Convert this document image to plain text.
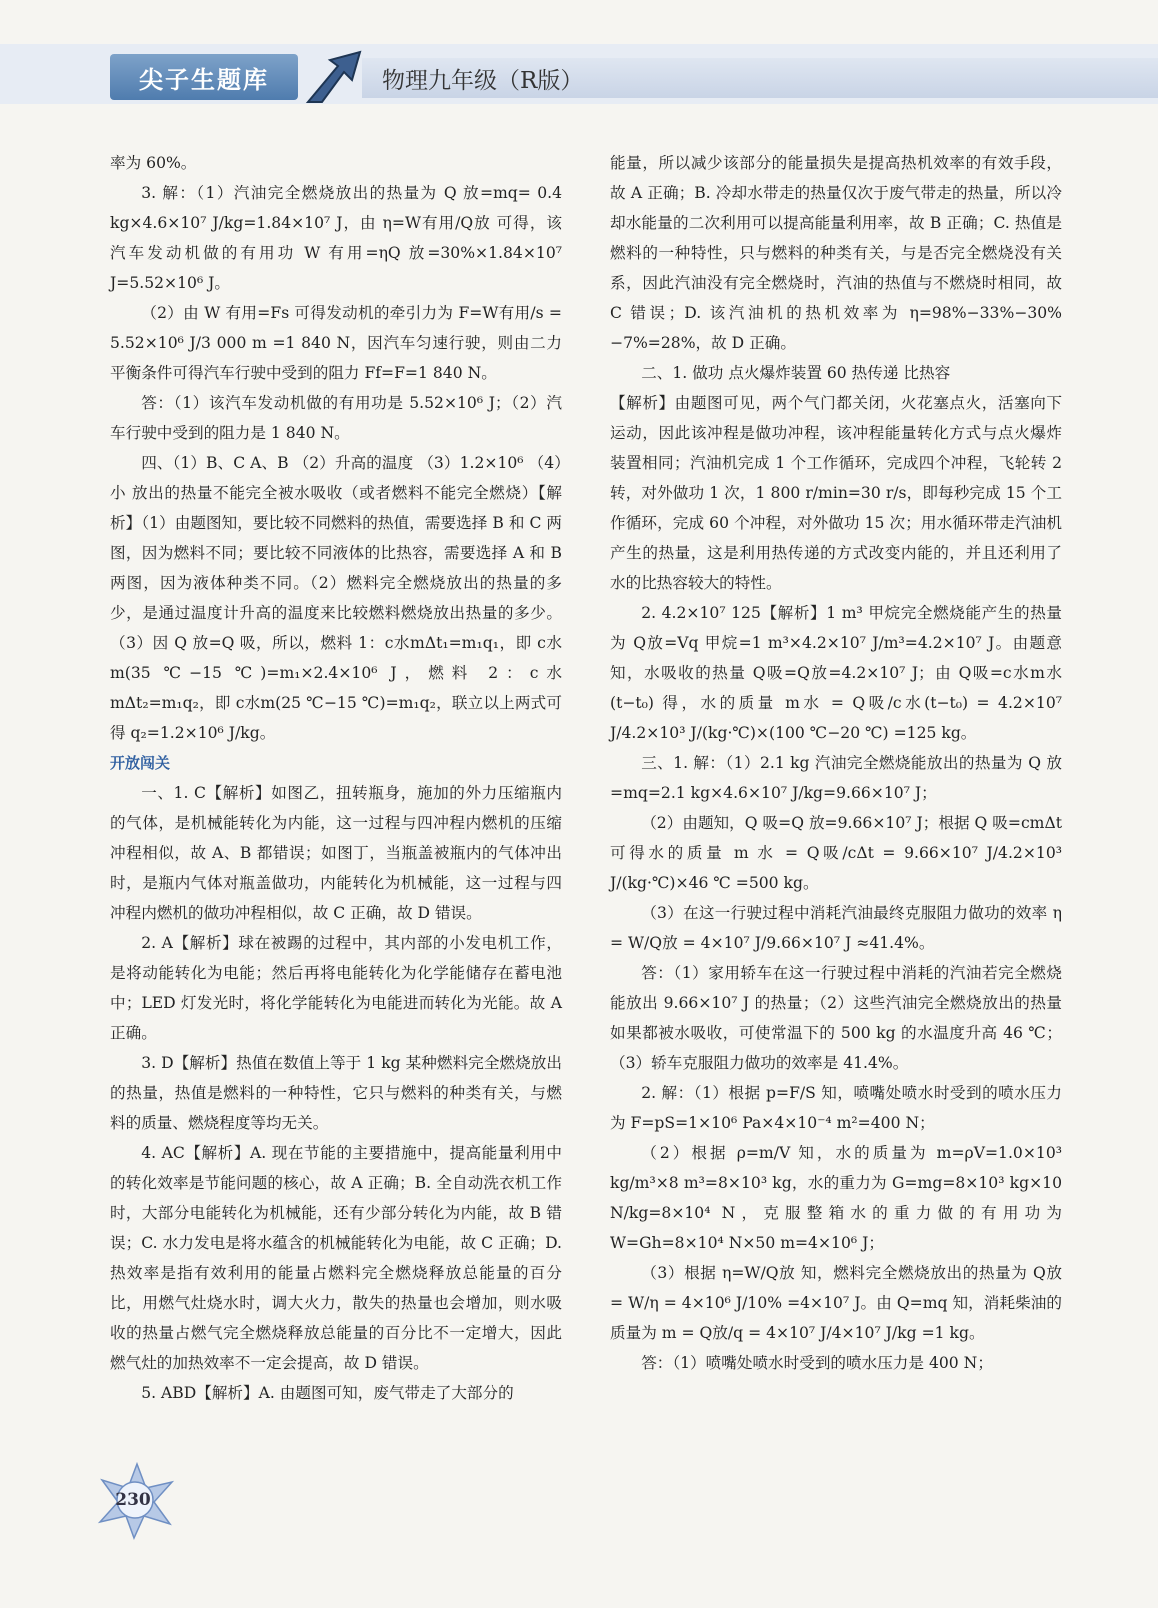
尖子生题库	物理九年级（R版）

率为 60%。

3. 解：（1）汽油完全燃烧放出的热量为 Q 放=mq= 0.4 kg×4.6×10⁷ J/kg=1.84×10⁷ J，由 η=W有用/Q放 可得，该汽车发动机做的有用功 W 有用=ηQ 放=30%×1.84×10⁷ J=5.52×10⁶ J。

（2）由 W 有用=Fs 可得发动机的牵引力为 F=W有用/s = 5.52×10⁶ J/3 000 m =1 840 N，因汽车匀速行驶，则由二力平衡条件可得汽车行驶中受到的阻力 Ff=F=1 840 N。

答：（1）该汽车发动机做的有用功是 5.52×10⁶ J；（2）汽车行驶中受到的阻力是 1 840 N。

四、（1）B、C A、B （2）升高的温度 （3）1.2×10⁶ （4）小 放出的热量不能完全被水吸收（或者燃料不能完全燃烧）【解析】（1）由题图知，要比较不同燃料的热值，需要选择 B 和 C 两图，因为燃料不同；要比较不同液体的比热容，需要选择 A 和 B 两图，因为液体种类不同。（2）燃料完全燃烧放出的热量的多少，是通过温度计升高的温度来比较燃料燃烧放出热量的多少。（3）因 Q 放=Q 吸，所以，燃料 1：c水mΔt₁=m₁q₁，即 c水m(35 ℃−15 ℃)=m₁×2.4×10⁶ J，燃料 2：c水mΔt₂=m₁q₂，即 c水m(25 ℃−15 ℃)=m₁q₂，联立以上两式可得 q₂=1.2×10⁶ J/kg。

开放闯关

一、1. C【解析】如图乙，扭转瓶身，施加的外力压缩瓶内的气体，是机械能转化为内能，这一过程与四冲程内燃机的压缩冲程相似，故 A、B 都错误；如图丁，当瓶盖被瓶内的气体冲出时，是瓶内气体对瓶盖做功，内能转化为机械能，这一过程与四冲程内燃机的做功冲程相似，故 C 正确，故 D 错误。

2. A【解析】球在被踢的过程中，其内部的小发电机工作，是将动能转化为电能；然后再将电能转化为化学能储存在蓄电池中；LED 灯发光时，将化学能转化为电能进而转化为光能。故 A 正确。

3. D【解析】热值在数值上等于 1 kg 某种燃料完全燃烧放出的热量，热值是燃料的一种特性，它只与燃料的种类有关，与燃料的质量、燃烧程度等均无关。

4. AC【解析】A. 现在节能的主要措施中，提高能量利用中的转化效率是节能问题的核心，故 A 正确；B. 全自动洗衣机工作时，大部分电能转化为机械能，还有少部分转化为内能，故 B 错误；C. 水力发电是将水蕴含的机械能转化为电能，故 C 正确；D. 热效率是指有效利用的能量占燃料完全燃烧释放总能量的百分比，用燃气灶烧水时，调大火力，散失的热量也会增加，则水吸收的热量占燃气完全燃烧释放总能量的百分比不一定增大，因此燃气灶的加热效率不一定会提高，故 D 错误。

5. ABD【解析】A. 由题图可知，废气带走了大部分的

能量，所以减少该部分的能量损失是提高热机效率的有效手段，故 A 正确；B. 冷却水带走的热量仅次于废气带走的热量，所以冷却水能量的二次利用可以提高能量利用率，故 B 正确；C. 热值是燃料的一种特性，只与燃料的种类有关，与是否完全燃烧没有关系，因此汽油没有完全燃烧时，汽油的热值与不燃烧时相同，故 C 错误；D. 该汽油机的热机效率为 η=98%−33%−30%−7%=28%，故 D 正确。

二、1. 做功 点火爆炸装置 60 热传递 比热容

【解析】由题图可见，两个气门都关闭，火花塞点火，活塞向下运动，因此该冲程是做功冲程，该冲程能量转化方式与点火爆炸装置相同；汽油机完成 1 个工作循环，完成四个冲程，飞轮转 2 转，对外做功 1 次，1 800 r/min=30 r/s，即每秒完成 15 个工作循环，完成 60 个冲程，对外做功 15 次；用水循环带走汽油机产生的热量，这是利用热传递的方式改变内能的，并且还利用了水的比热容较大的特性。

2. 4.2×10⁷ 125【解析】1 m³ 甲烷完全燃烧能产生的热量为 Q放=Vq 甲烷=1 m³×4.2×10⁷ J/m³=4.2×10⁷ J。由题意知，水吸收的热量 Q吸=Q放=4.2×10⁷ J；由 Q吸=c水m水(t−t₀) 得，水的质量 m水 = Q吸/c水(t−t₀) = 4.2×10⁷ J/4.2×10³ J/(kg·℃)×(100 ℃−20 ℃) =125 kg。

三、1. 解：（1）2.1 kg 汽油完全燃烧能放出的热量为 Q 放=mq=2.1 kg×4.6×10⁷ J/kg=9.66×10⁷ J；

（2）由题知，Q 吸=Q 放=9.66×10⁷ J；根据 Q 吸=cmΔt 可得水的质量 m 水 = Q吸/cΔt = 9.66×10⁷ J/4.2×10³ J/(kg·℃)×46 ℃ =500 kg。

（3）在这一行驶过程中消耗汽油最终克服阻力做功的效率 η = W/Q放 = 4×10⁷ J/9.66×10⁷ J ≈41.4%。

答：（1）家用轿车在这一行驶过程中消耗的汽油若完全燃烧能放出 9.66×10⁷ J 的热量；（2）这些汽油完全燃烧放出的热量如果都被水吸收，可使常温下的 500 kg 的水温度升高 46 ℃；（3）轿车克服阻力做功的效率是 41.4%。

2. 解：（1）根据 p=F/S 知，喷嘴处喷水时受到的喷水压力为 F=pS=1×10⁶ Pa×4×10⁻⁴ m²=400 N；

（2）根据 ρ=m/V 知，水的质量为 m=ρV=1.0×10³ kg/m³×8 m³=8×10³ kg，水的重力为 G=mg=8×10³ kg×10 N/kg=8×10⁴ N，克服整箱水的重力做的有用功为 W=Gh=8×10⁴ N×50 m=4×10⁶ J；

（3）根据 η=W/Q放 知，燃料完全燃烧放出的热量为 Q放 = W/η = 4×10⁶ J/10% =4×10⁷ J。由 Q=mq 知，消耗柴油的质量为 m = Q放/q = 4×10⁷ J/4×10⁷ J/kg =1 kg。

答：（1）喷嘴处喷水时受到的喷水压力是 400 N；

230
